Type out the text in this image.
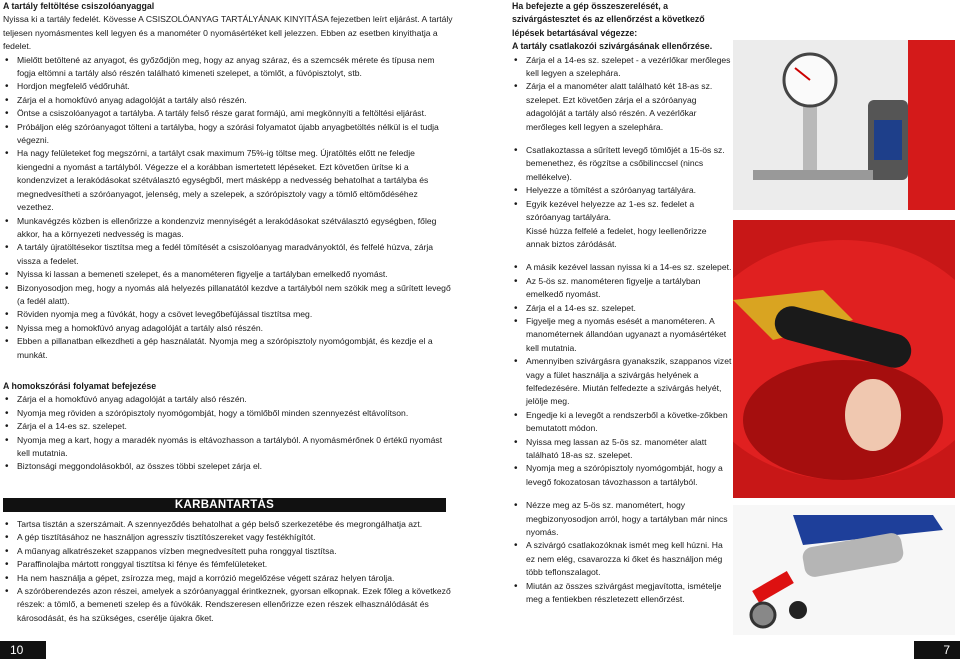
A tartály feltöltése csiszolóanyaggal

Nyissa ki a tartály fedelét. Kövesse A CSISZOLÓANYAG TARTÁLYÁNAK KINYITÁSA fejezetben leírt eljárást. A tartály teljesen nyomásmentes kell legyen és a manométer 0 nyomásértéket kell jelezzen. Ebben az esetben kinyithatja a fedelet.

• Mielőtt betöltené az anyagot, és győződjön meg, hogy az anyag száraz, és a szemcsék mérete és típusa nem fogja eltömni a tartály alsó részén található kimeneti szelepet, a tömlőt, a fúvópisztolyt, stb.
• Hordjon megfelelő védőruhát.
• Zárja el a homokfúvó anyag adagolóját a tartály alsó részén.
• Öntse a csiszolóanyagot a tartályba. A tartály felső része garat formájú, ami megkönnyíti a feltöltési eljárást.
• Próbáljon elég szóróanyagot tölteni a tartályba, hogy a szórási folyamatot újabb anyagbetöltés nélkül is el tudja végezni.
• Ha nagy felületeket fog megszórni, a tartályt csak maximum 75%-ig töltse meg. Újratöltés előtt ne feledje kiengedni a nyomást a tartályból. Végezze el a korábban ismertetett lépéseket. Ezt követően ürítse ki a kondenzvizet a lerakódásokat szétválasztó egységből, mert másképp a nedvesség behatolhat a tartályba és megnedvesítheti a szóróanyagot, jelenség, mely a szelepek, a szórópisztoly vagy a tömlő eltömődéséhez vezethez.
• Munkavégzés közben is ellenőrizze a kondenzviz mennyiségét a lerakódásokat szétválasztó egységben, főleg akkor, ha a környezeti nedvesség is magas.
• A tartály újratöltésekor tisztítsa meg a fedél tömítését a csiszolóanyag maradványoktól, és felfelé húzva, zárja vissza a fedelet.
• Nyissa ki lassan a bemeneti szelepet, és a manométeren figyelje a tartályban emelkedő nyomást.
• Bizonyosodjon meg, hogy a nyomás alá helyezés pillanatától kezdve a tartályból nem szökik meg a sűrített levegő (a fedél alatt).
• Röviden nyomja meg a fúvókát, hogy a csövet levegőbefújással tisztítsa meg.
• Nyissa meg a homokfúvó anyag adagolóját a tartály alsó részén.
• Ebben a pillanatban elkezdheti a gép használatát. Nyomja meg a szórópisztoly nyomógombját, és kezdje el a munkát.

A homokszórási folyamat befejezése

• Zárja el a homokfúvó anyag adagolóját a tartály alsó részén.
• Nyomja meg röviden a szórópisztoly nyomógombját, hogy a tömlőből minden szennyezést eltávolítson.
• Zárja el a 14-es sz. szelepet.
• Nyomja meg a kart, hogy a maradék nyomás is eltávozhasson a tartályból. A nyomásmérőnek 0 értékű nyomást kell mutatnia.
• Biztonsági meggondolásokból, az összes többi szelepet zárja el.
KARBANTARTÁS
• Tartsa tisztán a szerszámait. A szennyeződés behatolhat a gép belső szerkezetébe és megrongálhatja azt.
• A gép tisztításához ne használjon agresszív tisztítószereket vagy festékhígítót.
• A műanyag alkatrészeket szappanos vízben megnedvesített puha ronggyal tisztítsa.
• Paraffinolajba mártott ronggyal tisztítsa ki fénye és fémfelületeket.
• Ha nem használja a gépet, zsírozza meg, majd a korrózió megelőzése végett száraz helyen tárolja.
• A szóróberendezés azon részei, amelyek a szóróanyaggal érintkeznek, gyorsan elkopnak. Ezek főleg a következő részek: a tömlő, a bemeneti szelep és a fúvókák. Rendszeresen ellenőrizze ezen részek elhasználódását és károsodását, és ha szükséges, cserélje újakra őket.

Ha befejezte a gép összeszerelését, a szivárgástesztet és az ellenőrzést a következő lépések betartásával végezze:

A tartály csatlakozói szivárgásának ellenőrzése.

• Zárja el a 14-es sz. szelepet - a vezérlőkar merőleges kell legyen a szelephára.
• Zárja el a manométer alatt található két 18-as sz. szelepet. Ezt követően zárja el a szóróanyag adagolóját a tartály alsó részén. A vezérlőkar merőleges kell legyen a szelephára.
• Csatlakoztassa a sűrített levegő tömlőjét a 15-ös sz. bemenethez, és rögzítse a csőbilinccsel (nincs mellékelve).
• Helyezze a tömítést a szóróanyag tartályára.
• Egyik kezével helyezze az 1-es sz. fedelet a szóróanyag tartályára.

Kissé húzza felfelé a fedelet, hogy leellenőrizze annak biztos záródását.

• A másik kezével lassan nyissa ki a 14-es sz. szelepet.
• Az 5-ös sz. manométeren figyelje a tartályban emelkedő nyomást.
• Zárja el a 14-es sz. szelepet.
• Figyelje meg a nyomás esését a manométeren. A manométernek állandóan ugyanazt a nyomásértéket kell mutatnia.
• Amennyiben szivárgásra gyanakszik, szappanos vizet vagy a fület használja a szivárgás helyének a felfedezésére. Miután felfedezte a szivárgás helyét, jelölje meg.
• Engedje ki a levegőt a rendszerből a követke-zőkben bemutatott módon.
• Nyissa meg lassan az 5-ös sz. manométer alatt található 18-as sz. szelepet.
• Nyomja meg a szórópisztoly nyomógombját, hogy a levegő fokozatosan távozhasson a tartályból.
• Nézze meg az 5-ös sz. manométert, hogy megbizonyosodjon arról, hogy a tartályban már nincs nyomás.
• A szivárgó csatlakozóknak ismét meg kell húzni. Ha ez nem elég, csavarozza ki őket és használjon még több teflonszalagot.
• Miután az összes szivárgást megjavította, ismételje meg a fentiekben részletezett ellenőrzést.
10	7
